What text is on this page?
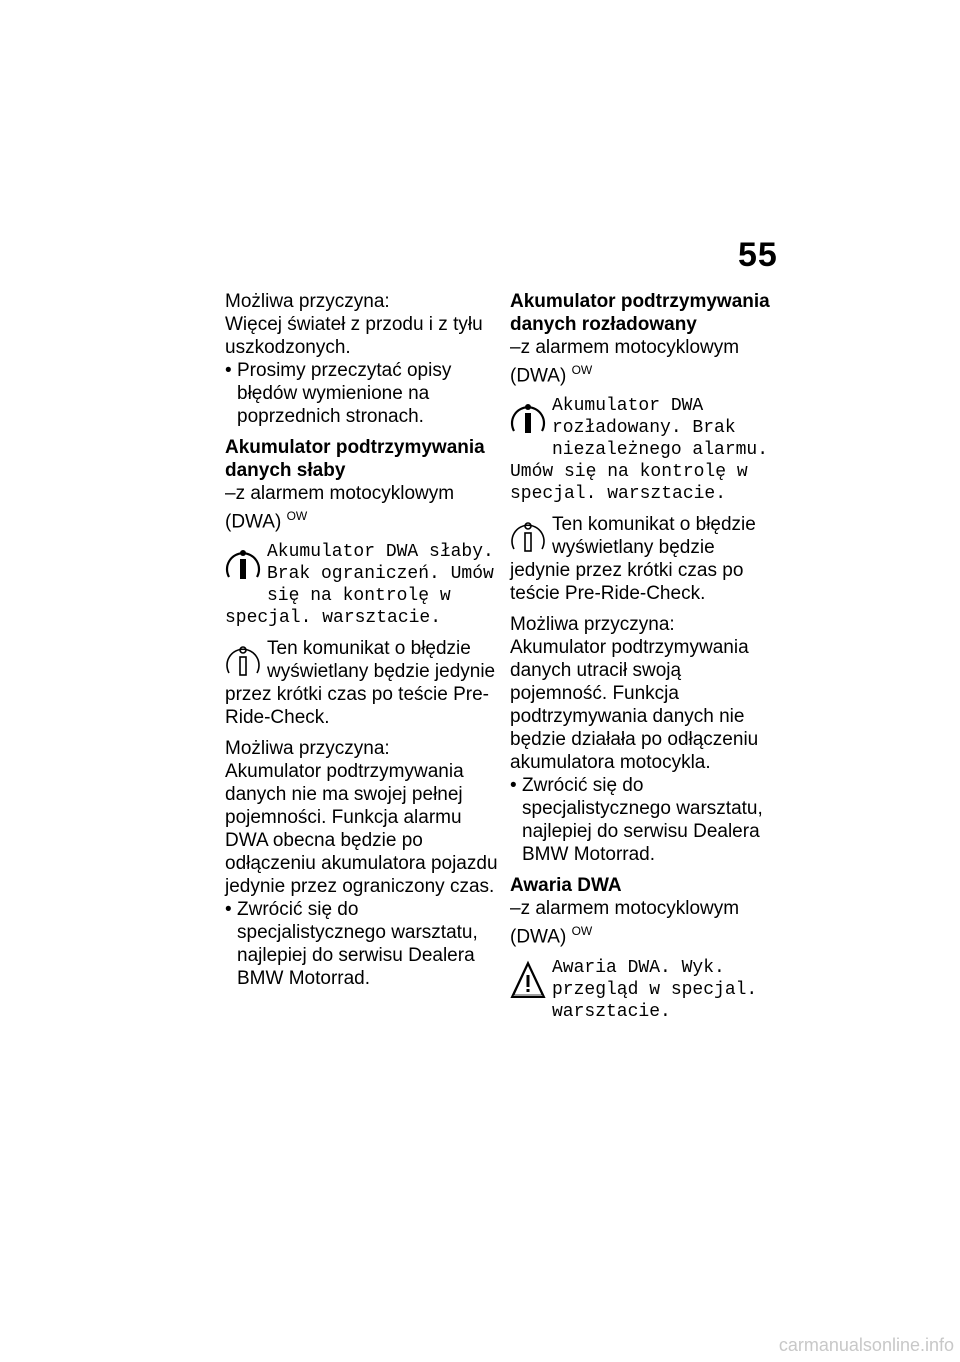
55
Możliwa przyczyna:
Więcej świateł z przodu i z tyłu uszkodzonych.
• Prosimy przeczytać opisy błędów wymienione na poprzednich stronach.
Akumulator podtrzymywania danych słaby
–z alarmem motocyklowym (DWA) $^{OW}$
Akumulator DWA słaby. Brak ograniczeń. Umów się na kontrolę w specjal. warsztacie.
Ten komunikat o błędzie wyświetlany będzie jedynie przez krótki czas po teście Pre-Ride-Check.
Możliwa przyczyna:
Akumulator podtrzymywania danych nie ma swojej pełnej pojemności. Funkcja alarmu DWA obecna będzie po odłączeniu akumulatora pojazdu jedynie przez ograniczony czas.
• Zwrócić się do specjalistycznego warsztatu, najlepiej do serwisu Dealera BMW Motorrad.
Akumulator podtrzymywania danych rozładowany
–z alarmem motocyklowym (DWA) $^{OW}$
Akumulator DWA rozładowany. Brak niezależnego alarmu. Umów się na kontrolę w specjal. warsztacie.
Ten komunikat o błędzie wyświetlany będzie jedynie przez krótki czas po teście Pre-Ride-Check.
Możliwa przyczyna:
Akumulator podtrzymywania danych utracił swoją pojemność. Funkcja podtrzymywania danych nie będzie działała po odłączeniu akumulatora motocykla.
• Zwrócić się do specjalistycznego warsztatu, najlepiej do serwisu Dealera BMW Motorrad.
Awaria DWA
–z alarmem motocyklowym (DWA) $^{OW}$
Awaria DWA. Wyk. przegląd w specjal. warsztacie.
carmanualsonline.info
